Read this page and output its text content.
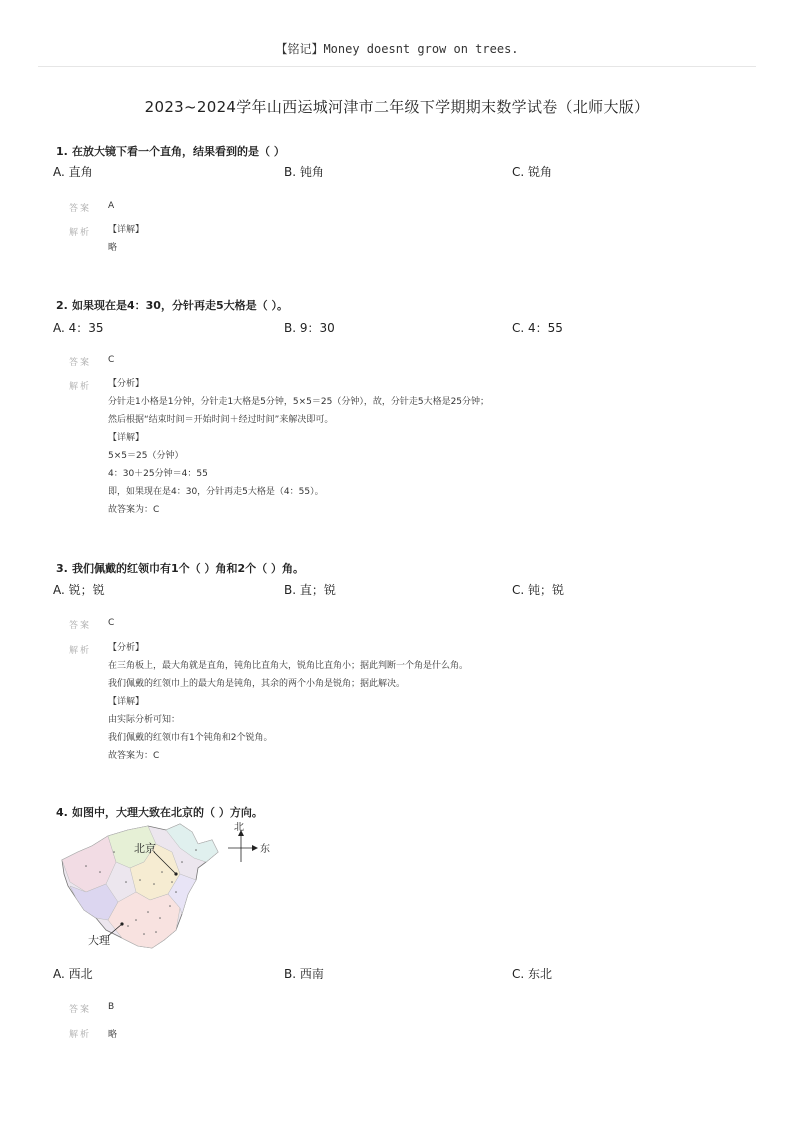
【铭记】Money doesnt grow on trees.
2023~2024学年山西运城河津市二年级下学期期末数学试卷（北师大版）
1. 在放大镜下看一个直角，结果看到的是（ ）
A. 直角	B. 钝角	C. 锐角
答案 A
解析 【详解】
略
2. 如果现在是4：30，分针再走5大格是（ ）。
A. 4：35	B. 9：30	C. 4：55
答案 C
解析 【分析】
分针走1小格是1分钟，分针走1大格是5分钟，5×5＝25（分钟），故，分针走5大格是25分钟；
然后根据“结束时间＝开始时间＋经过时间”来解决即可。
【详解】
5×5＝25（分钟）
4：30＋25分钟＝4：55
即，如果现在是4：30，分针再走5大格是（4：55）。
故答案为：C
3. 我们佩戴的红领巾有1个（ ）角和2个（ ）角。
A. 锐；锐	B. 直；锐	C. 钝；锐
答案 C
解析 【分析】
在三角板上，最大角就是直角，钝角比直角大，锐角比直角小；据此判断一个角是什么角。
我们佩戴的红领巾上的最大角是钝角，其余的两个小角是锐角；据此解决。
【详解】
由实际分析可知：
我们佩戴的红领巾有1个钝角和2个锐角。
故答案为：C
4. 如图中，大理大致在北京的（ ）方向。
北京
大理
北
东
A. 西北	B. 西南	C. 东北
答案 B
解析 略
